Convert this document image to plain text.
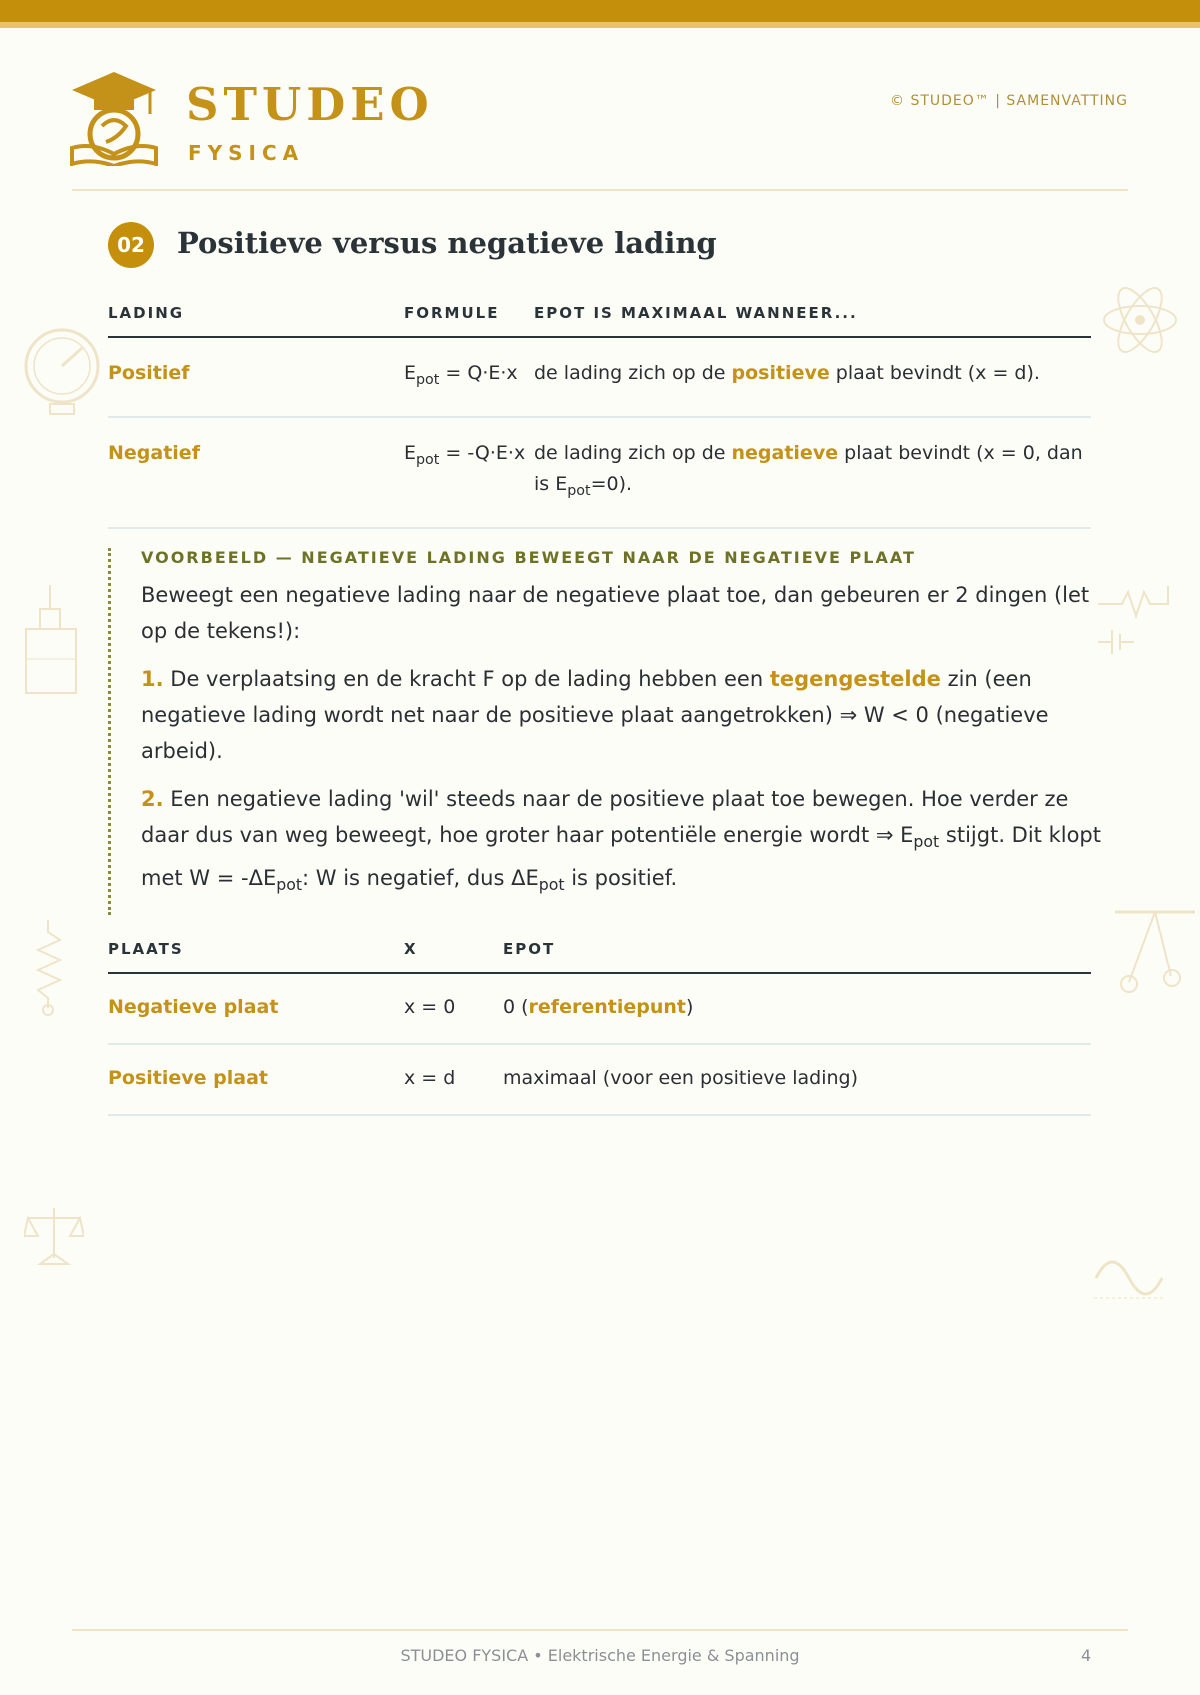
STUDEO
FYSICA
© STUDEO™ | SAMENVATTING
02	Positieve versus negatieve lading
LADING	FORMULE	EPOT IS MAXIMAAL WANNEER...
Positief	$E_{pot} = Q\cdot E\cdot x$	de lading zich op de positieve plaat bevindt (x = d).
Negatief	$E_{pot} = -Q\cdot E\cdot x$	de lading zich op de negatieve plaat bevindt (x = 0, dan is $E_{pot}=0$).
VOORBEELD — NEGATIEVE LADING BEWEEGT NAAR DE NEGATIEVE PLAAT

Beweegt een negatieve lading naar de negatieve plaat toe, dan gebeuren er 2 dingen (let op de tekens!):

1. De verplaatsing en de kracht F op de lading hebben een tegengestelde zin (een negatieve lading wordt net naar de positieve plaat aangetrokken) ⇒ W < 0 (negatieve arbeid).

2. Een negatieve lading 'wil' steeds naar de positieve plaat toe bewegen. Hoe verder ze daar dus van weg beweegt, hoe groter haar potentiële energie wordt ⇒ $E_{pot}$ stijgt. Dit klopt met $W = -\Delta E_{pot}$: W is negatief, dus $\Delta E_{pot}$ is positief.

PLAATS	X	EPOT
Negatieve plaat	x = 0	0 (referentiepunt)
Positieve plaat	x = d	maximaal (voor een positieve lading)
STUDEO FYSICA • Elektrische Energie & Spanning	4
